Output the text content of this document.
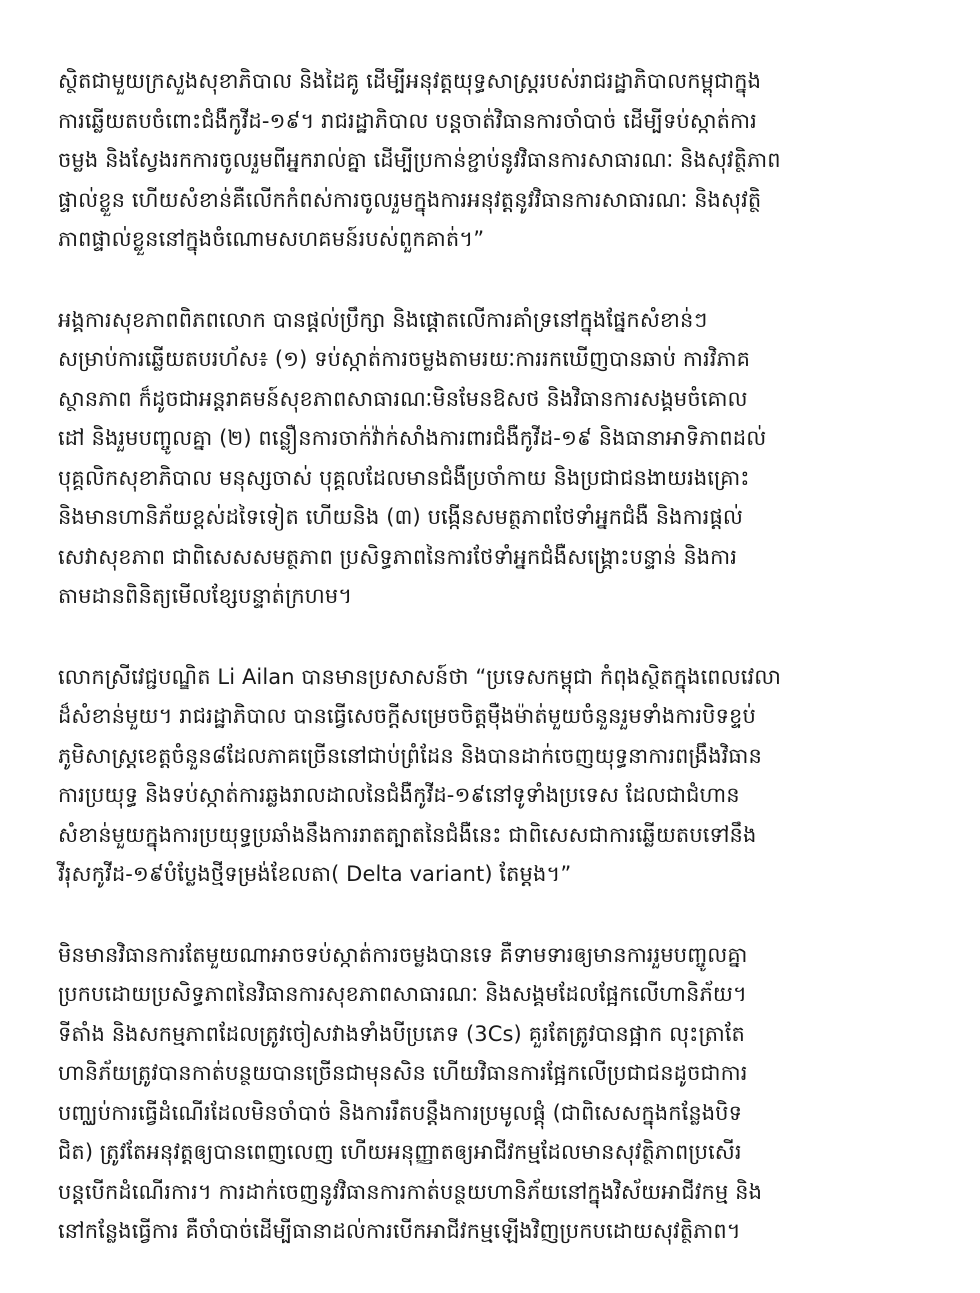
ស្ថិតជាមួយក្រសួងសុខាភិបាល និងដៃគូ ដើម្បីអនុវត្តយុទ្ធសាស្ត្ររបស់រាជរដ្ឋាភិបាលកម្ពុជាក្នុង
ការឆ្លើយតបចំពោះជំងឺកូវីដ-១៩។ រាជរដ្ឋាភិបាល បន្តចាត់វិធានការចាំបាច់ ដើម្បីទប់ស្កាត់ការ
ចម្លង និងស្វែងរកការចូលរួមពីអ្នករាល់គ្នា ដើម្បីប្រកាន់ខ្ជាប់នូវវិធានការសាធារណៈ និងសុវត្ថិភាព
ផ្ទាល់ខ្លួន ហើយសំខាន់គឺលើកកំពស់ការចូលរួមក្នុងការអនុវត្តនូវវិធានការសាធារណៈ និងសុវត្ថិ
ភាពផ្ទាល់ខ្លួននៅក្នុងចំណោមសហគមន៍របស់ពួកគាត់។”

អង្គការសុខភាពពិភពលោក បានផ្តល់ប្រឹក្សា និងផ្តោតលើការគាំទ្រនៅក្នុងផ្នែកសំខាន់ៗ
សម្រាប់ការឆ្លើយតបរហ័ស៖ (១) ទប់ស្កាត់ការចម្លងតាមរយៈការរកឃើញបានឆាប់ ការវិភាគ
ស្ថានភាព ក៏ដូចជាអន្តរាគមន៍សុខភាពសាធារណៈមិនមែនឱសថ និងវិធានការសង្គមចំគោល
ដៅ និងរួមបញ្ចូលគ្នា (២) ពន្លឿនការចាក់វ៉ាក់សាំងការពារជំងឺកូវីដ-១៩ និងធានាអាទិភាពដល់
បុគ្គលិកសុខាភិបាល មនុស្សចាស់ បុគ្គលដែលមានជំងឺប្រចាំកាយ និងប្រជាជនងាយរងគ្រោះ
និងមានហានិភ័យខ្ពស់ដទៃទៀត ហើយនិង (៣) បង្កើនសមត្ថភាពថែទាំអ្នកជំងឺ និងការផ្តល់
សេវាសុខភាព ជាពិសេសសមត្ថភាព ប្រសិទ្ធភាពនៃការថែទាំអ្នកជំងឺសង្គ្រោះបន្ទាន់ និងការ
តាមដានពិនិត្យមើលខ្សែបន្ទាត់ក្រហម។

លោកស្រីវេជ្ជបណ្ឌិត Li Ailan បានមានប្រសាសន៍ថា “ប្រទេសកម្ពុជា កំពុងស្ថិតក្នុងពេលវេលា
ដ៏សំខាន់មួយ។ រាជរដ្ឋាភិបាល បានធ្វើសេចក្តីសម្រេចចិត្តម៉ឺងម៉ាត់មួយចំនួនរួមទាំងការបិទខ្ទប់
ភូមិសាស្ត្រខេត្តចំនួន៨ដែលភាគច្រើននៅជាប់ព្រំដែន និងបានដាក់ចេញយុទ្ធនាការពង្រឹងវិធាន
ការប្រយុទ្ធ និងទប់ស្កាត់ការឆ្លងរាលដាលនៃជំងឺកូវីដ-១៩នៅទូទាំងប្រទេស ដែលជាជំហាន
សំខាន់មួយក្នុងការប្រយុទ្ធប្រឆាំងនឹងការរាតត្បាតនៃជំងឺនេះ ជាពិសេសជាការឆ្លើយតបទៅនឹង
វីរុសកូវីដ-១៩បំប្លែងថ្មីទម្រង់ខែលតា( Delta variant) តែម្តង។”

មិនមានវិធានការតែមួយណាអាចទប់ស្កាត់ការចម្លងបានទេ គឺទាមទារឲ្យមានការរួមបញ្ចូលគ្នា
ប្រកបដោយប្រសិទ្ធភាពនៃវិធានការសុខភាពសាធារណៈ និងសង្គមដែលផ្អែកលើហានិភ័យ។
ទីតាំង និងសកម្មភាពដែលត្រូវចៀសវាងទាំងបីប្រភេទ (3Cs) គួរតែត្រូវបានផ្អាក លុះត្រាតែ
ហានិភ័យត្រូវបានកាត់បន្ថយបានច្រើនជាមុនសិន ហើយវិធានការផ្អែកលើប្រជាជនដូចជាការ
បញ្ឈប់ការធ្វើដំណើរដែលមិនចាំបាច់ និងការរឹតបន្តឹងការប្រមូលផ្តុំ (ជាពិសេសក្នុងកន្លែងបិទ
ជិត) ត្រូវតែអនុវត្តឲ្យបានពេញលេញ ហើយអនុញ្ញាតឲ្យអាជីវកម្មដែលមានសុវត្ថិភាពប្រសើរ
បន្តបើកដំណើរការ។ ការដាក់ចេញនូវវិធានការកាត់បន្ថយហានិភ័យនៅក្នុងវិស័យអាជីវកម្ម និង
នៅកន្លែងធ្វើការ គឺចាំបាច់ដើម្បីធានាដល់ការបើកអាជីវកម្មឡើងវិញប្រកបដោយសុវត្ថិភាព។
